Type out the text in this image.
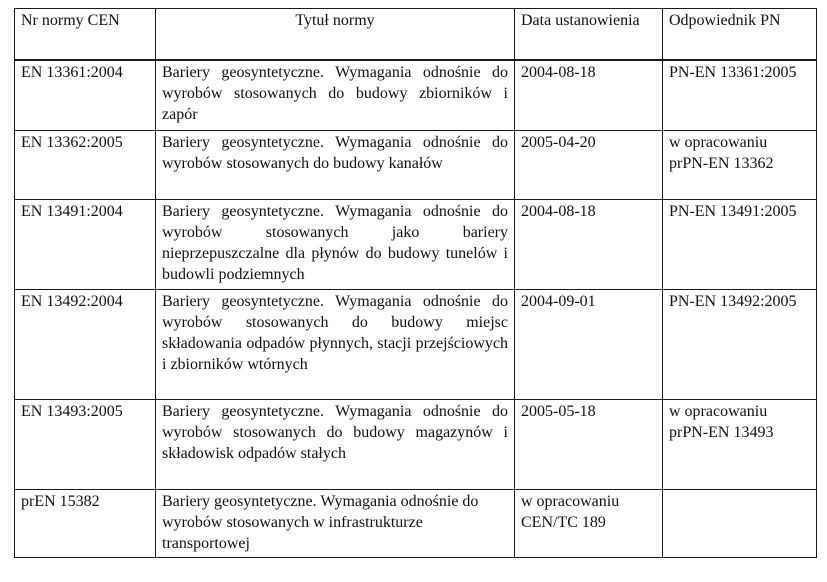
Nr normy CEN	Tytuł normy	Data ustanowienia	Odpowiednik PN
EN 13361:2004	Bariery geosyntetyczne. Wymagania odnośnie do wyrobów stosowanych do budowy zbiorników i zapór	2004-08-18	PN-EN 13361:2005
EN 13362:2005	Bariery geosyntetyczne. Wymagania odnośnie do wyrobów stosowanych do budowy kanałów	2005-04-20	w opracowaniu prPN-EN 13362
EN 13491:2004	Bariery geosyntetyczne. Wymagania odnośnie do wyrobów stosowanych jako bariery nieprzepuszczalne dla płynów do budowy tunelów i budowli podziemnych	2004-08-18	PN-EN 13491:2005
EN 13492:2004	Bariery geosyntetyczne. Wymagania odnośnie do wyrobów stosowanych do budowy miejsc składowania odpadów płynnych, stacji przejściowych i zbiorników wtórnych	2004-09-01	PN-EN 13492:2005
EN 13493:2005	Bariery geosyntetyczne. Wymagania odnośnie do wyrobów stosowanych do budowy magazynów i składowisk odpadów stałych	2005-05-18	w opracowaniu prPN-EN 13493
prEN 15382	Bariery geosyntetyczne. Wymagania odnośnie do wyrobów stosowanych w infrastrukturze transportowej	w opracowaniu CEN/TC 189	
